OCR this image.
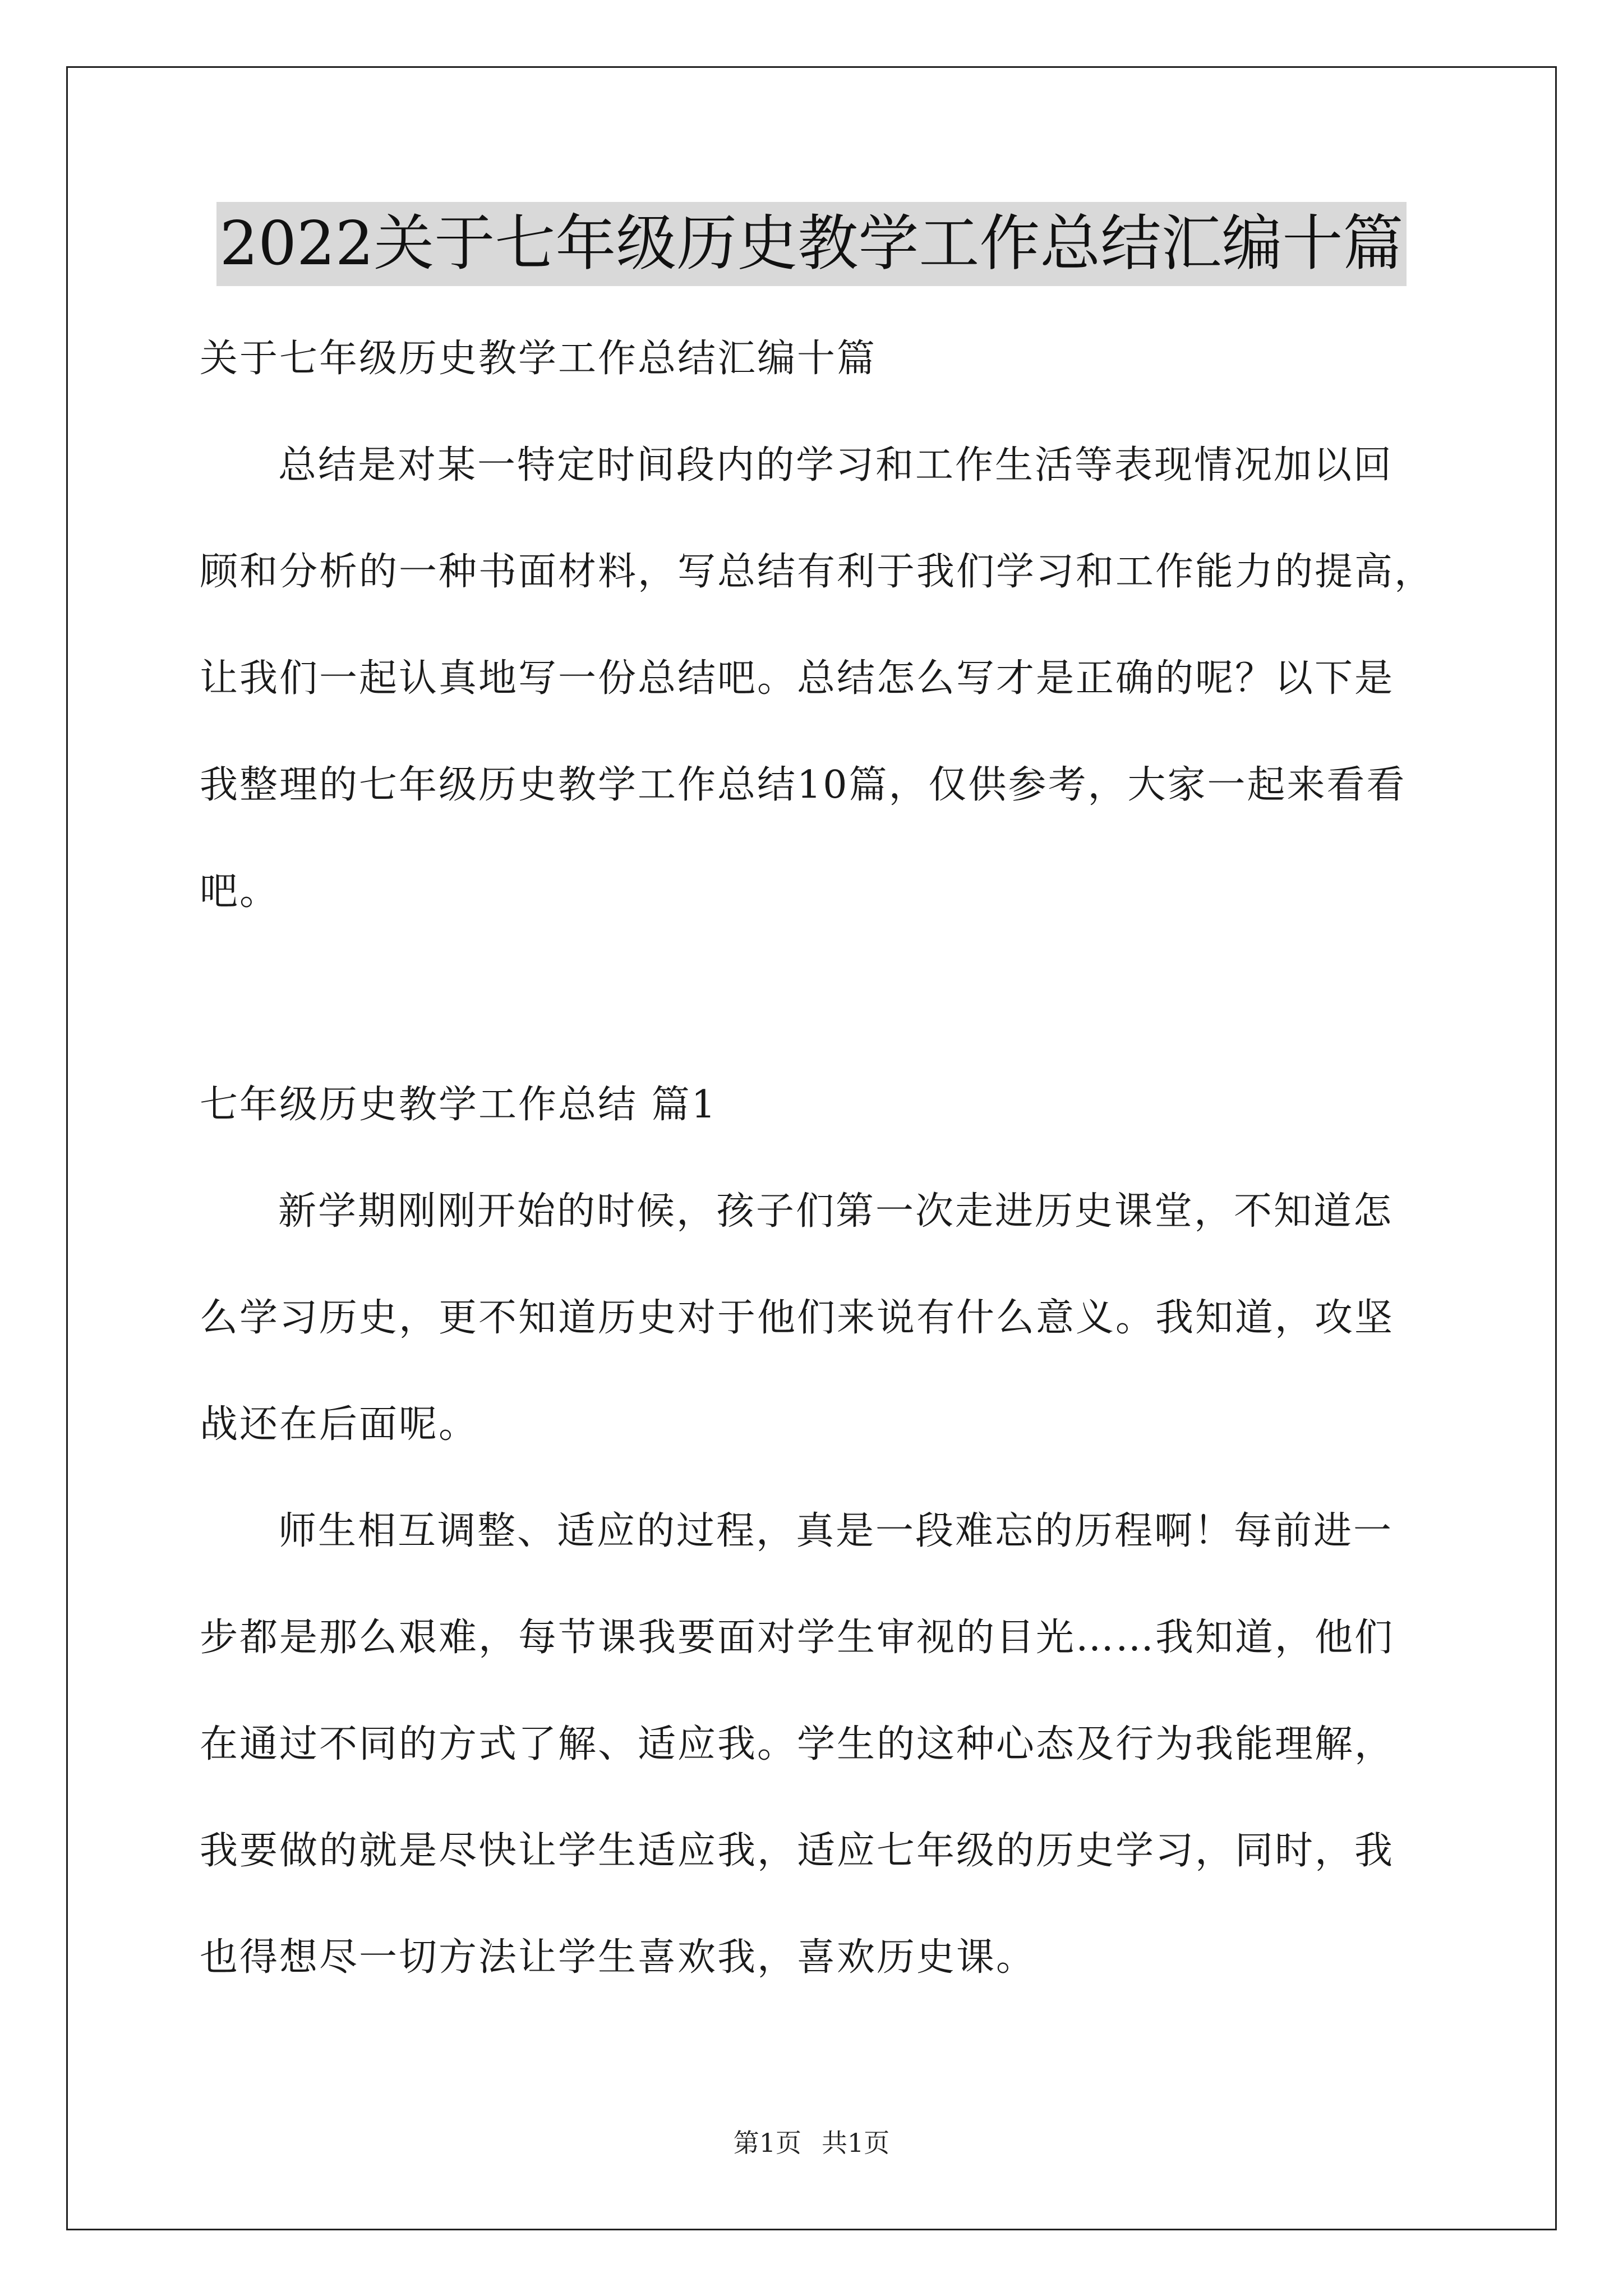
2022关于七年级历史教学工作总结汇编十篇
关于七年级历史教学工作总结汇编十篇
总结是对某一特定时间段内的学习和工作生活等表现情况加以回
顾和分析的一种书面材料，写总结有利于我们学习和工作能力的提高，
让我们一起认真地写一份总结吧。总结怎么写才是正确的呢？以下是
我整理的七年级历史教学工作总结10篇，仅供参考，大家一起来看看
吧。
七年级历史教学工作总结 篇1
新学期刚刚开始的时候，孩子们第一次走进历史课堂，不知道怎
么学习历史，更不知道历史对于他们来说有什么意义。我知道，攻坚
战还在后面呢。
师生相互调整、适应的过程，真是一段难忘的历程啊！每前进一
步都是那么艰难，每节课我要面对学生审视的目光……我知道，他们
在通过不同的方式了解、适应我。学生的这种心态及行为我能理解，
我要做的就是尽快让学生适应我，适应七年级的历史学习，同时，我
也得想尽一切方法让学生喜欢我，喜欢历史课。
第1页 共1页
